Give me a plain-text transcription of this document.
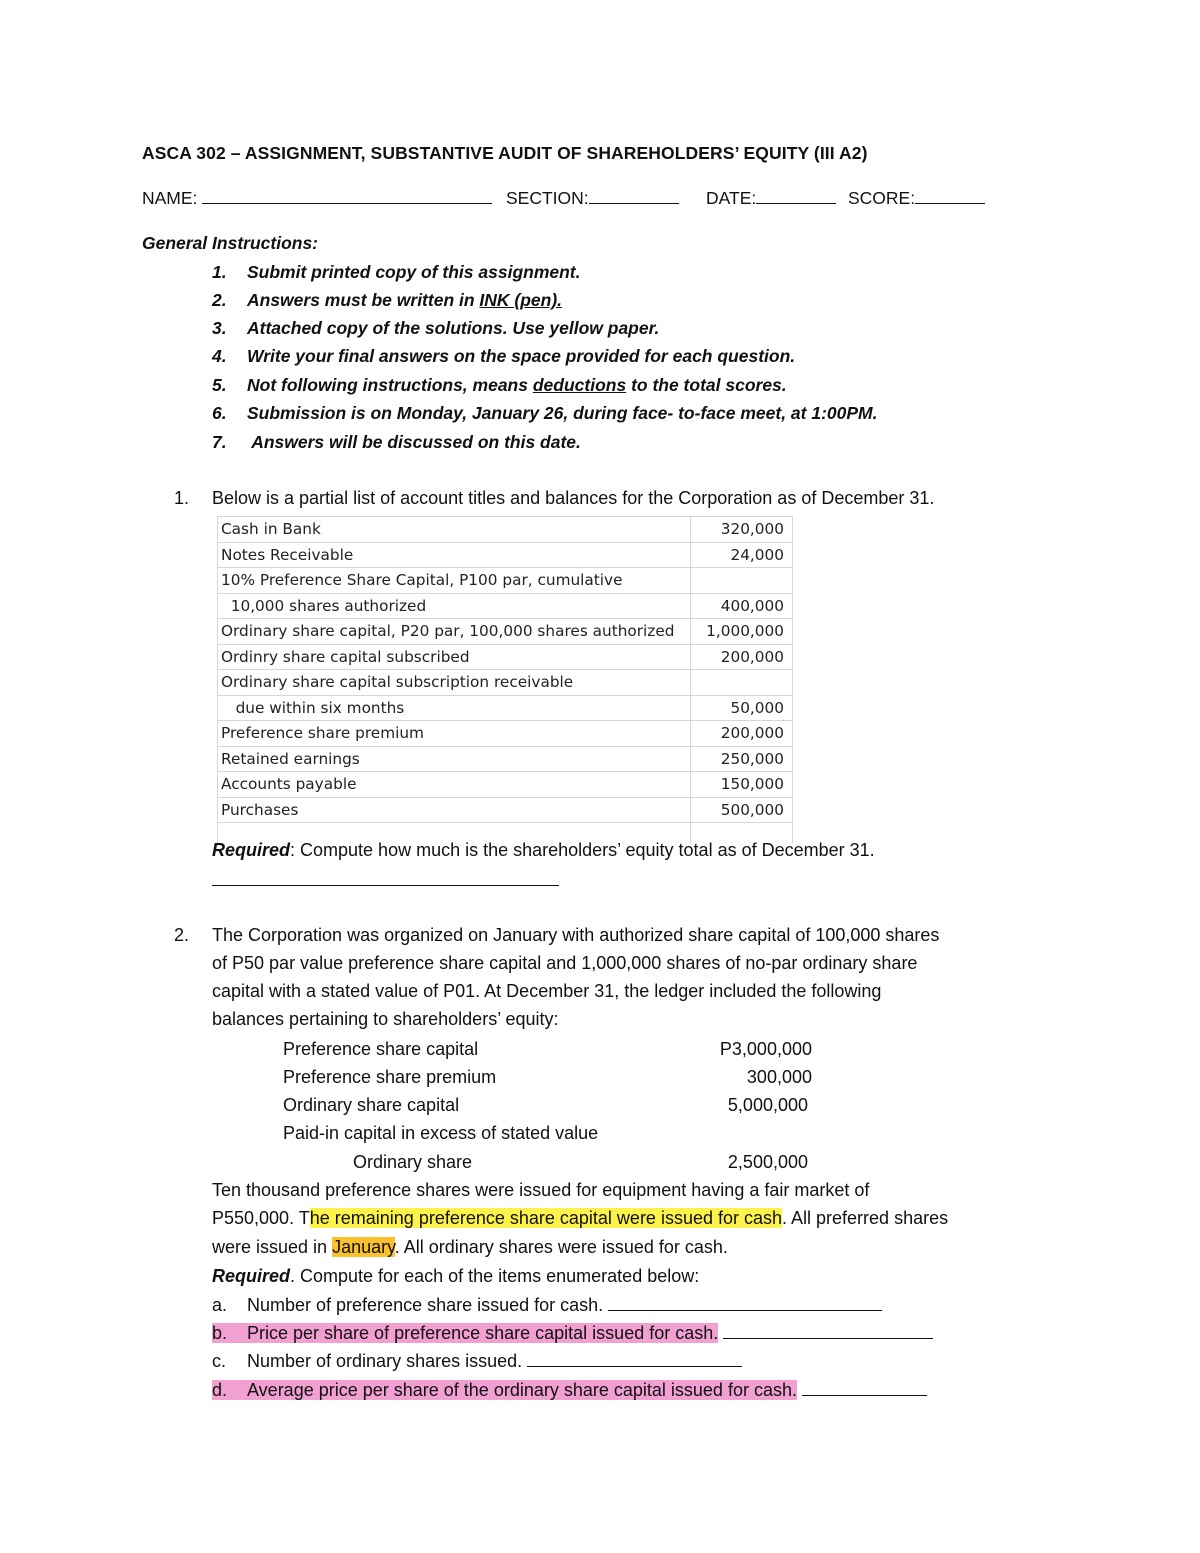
ASCA 302 – ASSIGNMENT, SUBSTANTIVE AUDIT OF SHAREHOLDERS’ EQUITY (III A2)
NAME:	SECTION:	DATE:	SCORE:
General Instructions:
1. Submit printed copy of this assignment.
2. Answers must be written in INK (pen).
3. Attached copy of the solutions. Use yellow paper.
4. Write your final answers on the space provided for each question.
5. Not following instructions, means deductions to the total scores.
6. Submission is on Monday, January 26, during face- to-face meet, at 1:00PM.
7. Answers will be discussed on this date.
1. Below is a partial list of account titles and balances for the Corporation as of December 31.
Cash in Bank	320,000
Notes Receivable	24,000
10% Preference Share Capital, P100 par, cumulative	
10,000 shares authorized	400,000
Ordinary share capital, P20 par, 100,000 shares authorized	1,000,000
Ordinry share capital subscribed	200,000
Ordinary share capital subscription receivable	
due within six months	50,000
Preference share premium	200,000
Retained earnings	250,000
Accounts payable	150,000
Purchases	500,000

Required: Compute how much is the shareholders’ equity total as of December 31.
2. The Corporation was organized on January with authorized share capital of 100,000 shares
of P50 par value preference share capital and 1,000,000 shares of no-par ordinary share
capital with a stated value of P01. At December 31, the ledger included the following
balances pertaining to shareholders’ equity:
Preference share capital	P3,000,000
Preference share premium	300,000
Ordinary share capital	5,000,000
Paid-in capital in excess of stated value
Ordinary share	2,500,000
Ten thousand preference shares were issued for equipment having a fair market of
P550,000. The remaining preference share capital were issued for cash. All preferred shares
were issued in January. All ordinary shares were issued for cash.
Required. Compute for each of the items enumerated below:
a. Number of preference share issued for cash.
b. Price per share of preference share capital issued for cash.
c. Number of ordinary shares issued.
d. Average price per share of the ordinary share capital issued for cash.
